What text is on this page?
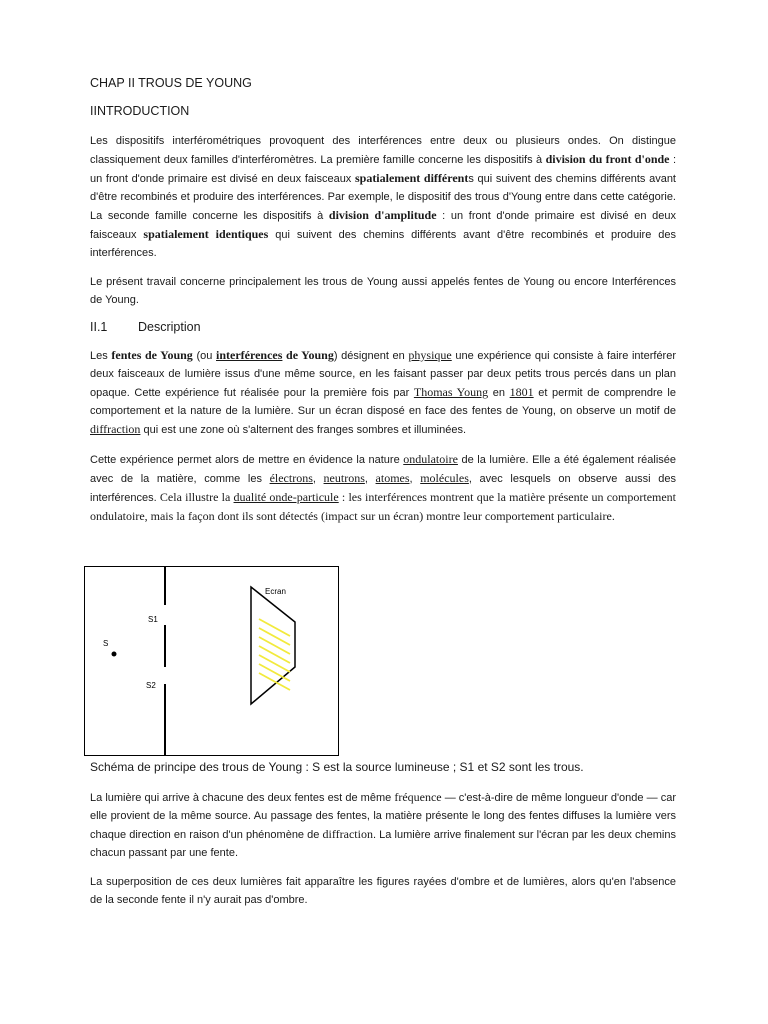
CHAP II TROUS DE YOUNG
IINTRODUCTION

Les dispositifs interférométriques provoquent des interférences entre deux ou plusieurs ondes. On distingue classiquement deux familles d'interféromètres. La première famille concerne les dispositifs à division du front d'onde : un front d'onde primaire est divisé en deux faisceaux spatialement différents qui suivent des chemins différents avant d'être recombinés et produire des interférences. Par exemple, le dispositif des trous d'Young entre dans cette catégorie. La seconde famille concerne les dispositifs à division d'amplitude : un front d'onde primaire est divisé en deux faisceaux spatialement identiques qui suivent des chemins différents avant d'être recombinés et produire des interférences.

Le présent travail concerne principalement les trous de Young aussi appelés fentes de Young ou encore Interférences de Young.

II.1 Description

Les fentes de Young (ou interférences de Young) désignent en physique une expérience qui consiste à faire interférer deux faisceaux de lumière issus d'une même source, en les faisant passer par deux petits trous percés dans un plan opaque. Cette expérience fut réalisée pour la première fois par Thomas Young en 1801 et permit de comprendre le comportement et la nature de la lumière. Sur un écran disposé en face des fentes de Young, on observe un motif de diffraction qui est une zone où s'alternent des franges sombres et illuminées.

Cette expérience permet alors de mettre en évidence la nature ondulatoire de la lumière. Elle a été également réalisée avec de la matière, comme les électrons, neutrons, atomes, molécules, avec lesquels on observe aussi des interférences. Cela illustre la dualité onde-particule : les interférences montrent que la matière présente un comportement ondulatoire, mais la façon dont ils sont détectés (impact sur un écran) montre leur comportement particulaire.

S
S1
S2
Ecran
Schéma de principe des trous de Young : S est la source lumineuse ; S1 et S2 sont les trous.

La lumière qui arrive à chacune des deux fentes est de même fréquence — c'est-à-dire de même longueur d'onde — car elle provient de la même source. Au passage des fentes, la matière présente le long des fentes diffuses la lumière vers chaque direction en raison d'un phénomène de diffraction. La lumière arrive finalement sur l'écran par les deux chemins chacun passant par une fente.

La superposition de ces deux lumières fait apparaître les figures rayées d'ombre et de lumières, alors qu'en l'absence de la seconde fente il n'y aurait pas d'ombre.
